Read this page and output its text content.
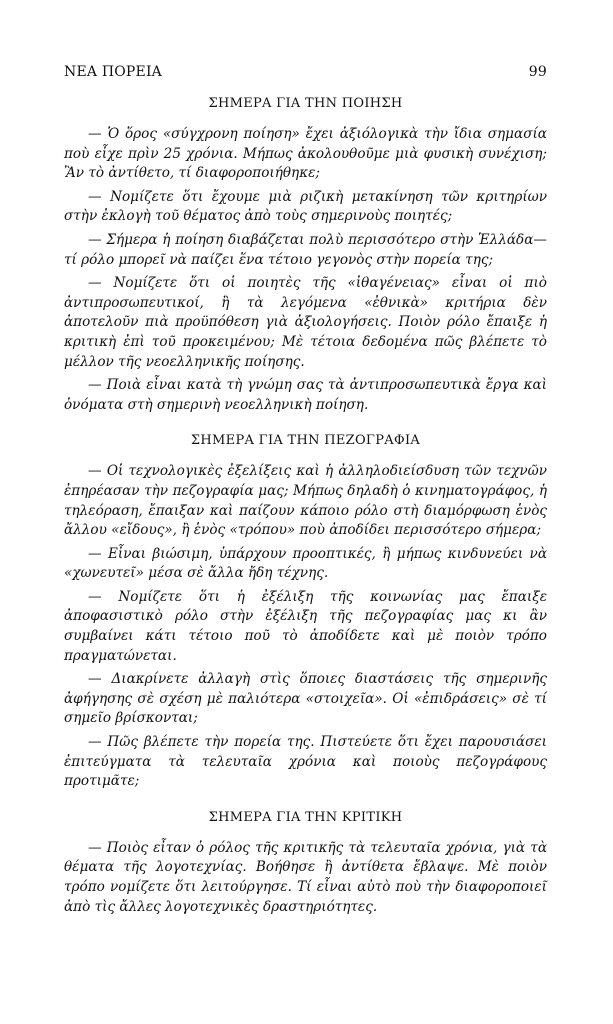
ΝΕΑ ΠΟΡΕΙΑ	99
ΣΗΜΕΡΑ ΓΙΑ ΤΗΝ ΠΟΙΗΣΗ

— Ὁ ὅρος «σύγχρονη ποίηση» ἔχει ἀξιόλογικὰ τὴν ἴδια σημασία ποὺ εἶχε πρὶν 25 χρόνια. Μήπως ἀκολουθοῦμε μιὰ φυσικὴ συνέχιση; Ἂν τὸ ἀντίθετο, τί διαφοροποιήθηκε;

— Νομίζετε ὅτι ἔχουμε μιὰ ριζικὴ μετακίνηση τῶν κριτηρίων στὴν ἐκλογὴ τοῦ θέματος ἀπὸ τοὺς σημερινοὺς ποιητές;

— Σήμερα ἡ ποίηση διαβάζεται πολὺ περισσότερο στὴν Ἑλλάδα— τί ρόλο μπορεῖ νὰ παίζει ἕνα τέτοιο γεγονὸς στὴν πορεία της;

— Νομίζετε ὅτι οἱ ποιητὲς τῆς «ἰθαγένειας» εἶναι οἱ πιὸ ἀντιπροσωπευτικοί, ἢ τὰ λεγόμενα «ἐθνικὰ» κριτήρια δὲν ἀποτελοῦν πιὰ προϋπόθεση γιὰ ἀξιολογήσεις. Ποιὸν ρόλο ἔπαιξε ἡ κριτικὴ ἐπὶ τοῦ προκειμένου; Μὲ τέτοια δεδομένα πῶς βλέπετε τὸ μέλλον τῆς νεοελληνικῆς ποίησης.

— Ποιὰ εἶναι κατὰ τὴ γνώμη σας τὰ ἀντιπροσωπευτικὰ ἔργα καὶ ὀνόματα στὴ σημερινὴ νεοελληνικὴ ποίηση.

ΣΗΜΕΡΑ ΓΙΑ ΤΗΝ ΠΕΖΟΓΡΑΦΙΑ

— Οἱ τεχνολογικὲς ἐξελίξεις καὶ ἡ ἀλληλοδιείσδυση τῶν τεχνῶν ἐπηρέασαν τὴν πεζογραφία μας; Μήπως δηλαδὴ ὁ κινηματογράφος, ἡ τηλεόραση, ἔπαιξαν καὶ παίζουν κάποιο ρόλο στὴ διαμόρφωση ἑνὸς ἄλλου «εἴδους», ἢ ἑνὸς «τρόπου» ποὺ ἀποδίδει περισσότερο σήμερα;

— Εἶναι βιώσιμη, ὑπάρχουν προοπτικές, ἢ μήπως κινδυνεύει νὰ «χωνευτεῖ» μέσα σὲ ἄλλα ἤδη τέχνης.

— Νομίζετε ὅτι ἡ ἐξέλιξη τῆς κοινωνίας μας ἔπαιξε ἀποφασιστικὸ ρόλο στὴν ἐξέλιξη τῆς πεζογραφίας μας κι ἂν συμβαίνει κάτι τέτοιο ποῦ τὸ ἀποδίδετε καὶ μὲ ποιὸν τρόπο πραγματώνεται.

— Διακρίνετε ἀλλαγὴ στὶς ὅποιες διαστάσεις τῆς σημερινῆς ἀφήγησης σὲ σχέση μὲ παλιότερα «στοιχεῖα». Οἱ «ἐπιδράσεις» σὲ τί σημεῖο βρίσκονται;

— Πῶς βλέπετε τὴν πορεία της. Πιστεύετε ὅτι ἔχει παρουσιάσει ἐπιτεύγματα τὰ τελευταῖα χρόνια καὶ ποιοὺς πεζογράφους προτιμᾶτε;

ΣΗΜΕΡΑ ΓΙΑ ΤΗΝ ΚΡΙΤΙΚΗ

— Ποιὸς εἶταν ὁ ρόλος τῆς κριτικῆς τὰ τελευταῖα χρόνια, γιὰ τὰ θέματα τῆς λογοτεχνίας. Βοήθησε ἢ ἀντίθετα ἔβλαψε. Μὲ ποιὸν τρόπο νομίζετε ὅτι λειτούργησε. Τί εἶναι αὐτὸ ποὺ τὴν διαφοροποιεῖ ἀπὸ τὶς ἄλλες λογοτεχνικὲς δραστηριότητες.
